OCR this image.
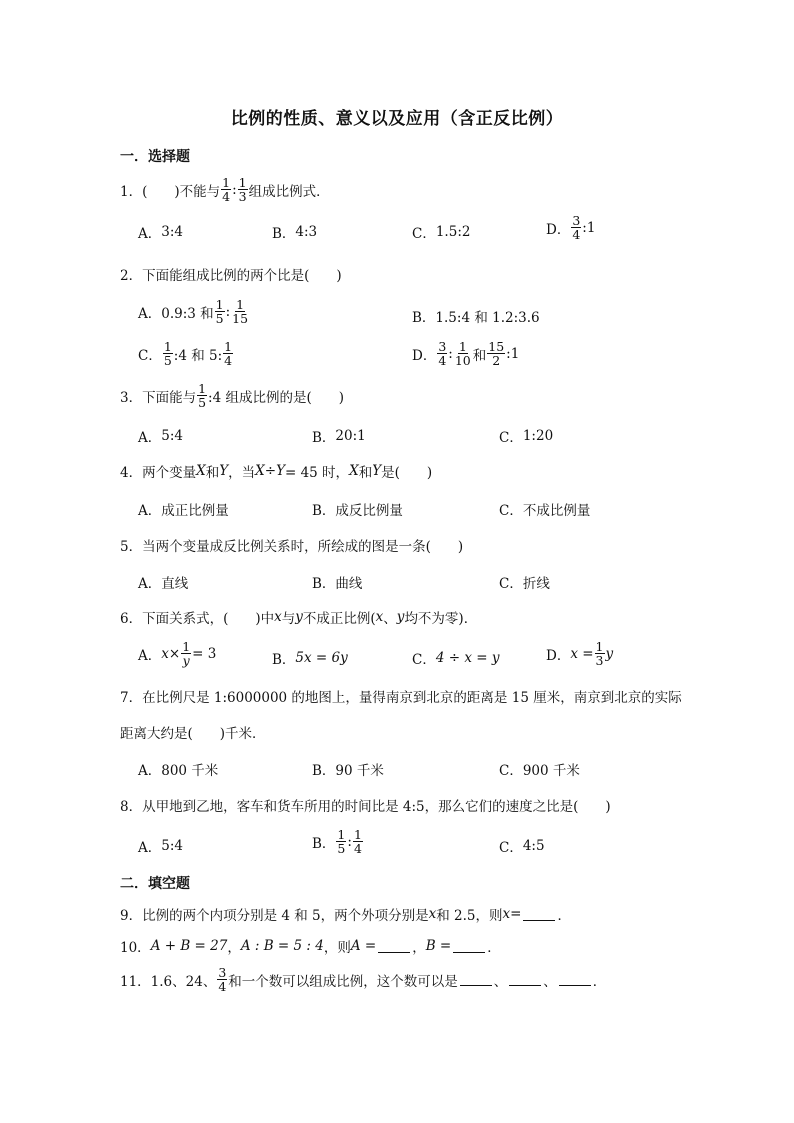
比例的性质、意义以及应用（含正反比例）
一．选择题
1． (　　) 不能与 $\frac{1}{4}$ : $\frac{1}{3}$ 组成比例式．
A． 3:4	B． 4:3	C． 1.5:2	D． $\frac{3}{4}$ :1
2．下面能组成比例的两个比是(　　)
A． 0.9:3 和 $\frac{1}{5}$ : $\frac{1}{15}$	B． 1.5:4 和 1.2:3.6
C． $\frac{1}{5}$ :4 和 5: $\frac{1}{4}$	D． $\frac{3}{4}$ : $\frac{1}{10}$ 和 $\frac{15}{2}$ :1
3．下面能与 $\frac{1}{5}$ :4 组成比例的是(　　)
A． 5:4	B． 20:1	C． 1:20
4．两个变量 X 和 Y ，当 X÷Y = 45 时， X 和 Y 是(　　)
A． 成正比例量	B． 成反比例量	C． 不成比例量
5．当两个变量成反比例关系时，所绘成的图是一条(　　)
A． 直线	B． 曲线	C． 折线
6．下面关系式，(　　)中 x 与 y 不成正比例( x 、 y 均不为零)．
A． $x\times \frac{1}{y} = 3$	B． 5x = 6y	C． 4 ÷ x = y	D． $x = \frac{1}{3}$ y
7．在比例尺是 1:6000000 的地图上，量得南京到北京的距离是 15 厘米，南京到北京的实际
距离大约是(　　)千米．
A． 800 千米	B． 90 千米	C． 900 千米
8．从甲地到乙地，客车和货车所用的时间比是 4:5，那么它们的速度之比是(　　)
A． 5:4	B． $\frac{1}{5}$ : $\frac{1}{4}$	C． 4:5
二．填空题
9．比例的两个内项分别是 4 和 5，两个外项分别是 x 和 2.5，则 x =	．
10． A + B = 27 ， A : B = 5 : 4 ，则 A =	， B =	．
11．1.6、24、 $\frac{3}{4}$ 和一个数可以组成比例，这个数可以是	、	、	．
